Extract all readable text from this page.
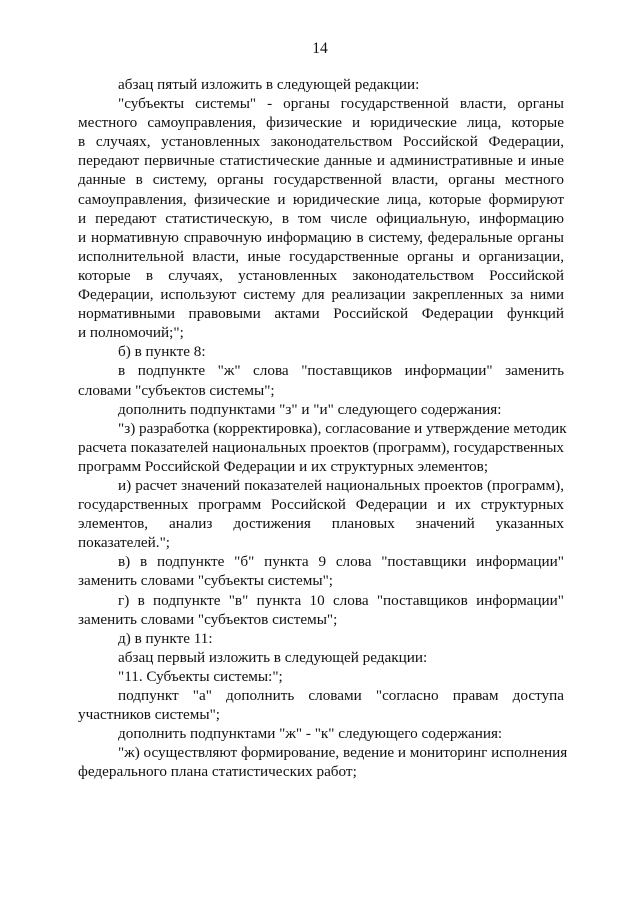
14
абзац пятый изложить в следующей редакции:
"субъекты системы" - органы государственной власти, органы
местного самоуправления, физические и юридические лица, которые
в случаях, установленных законодательством Российской Федерации,
передают первичные статистические данные и административные и иные
данные в систему, органы государственной власти, органы местного
самоуправления, физические и юридические лица, которые формируют
и передают статистическую, в том числе официальную, информацию
и нормативную справочную информацию в систему, федеральные органы
исполнительной власти, иные государственные органы и организации,
которые в случаях, установленных законодательством Российской
Федерации, используют систему для реализации закрепленных за ними
нормативными правовыми актами Российской Федерации функций
и полномочий;";
б) в пункте 8:
в подпункте "ж" слова "поставщиков информации" заменить
словами "субъектов системы";
дополнить подпунктами "з" и "и" следующего содержания:
"з) разработка (корректировка), согласование и утверждение методик
расчета показателей национальных проектов (программ), государственных
программ Российской Федерации и их структурных элементов;
и) расчет значений показателей национальных проектов (программ),
государственных программ Российской Федерации и их структурных
элементов, анализ достижения плановых значений указанных
показателей.";
в) в подпункте "б" пункта 9 слова "поставщики информации"
заменить словами "субъекты системы";
г) в подпункте "в" пункта 10 слова "поставщиков информации"
заменить словами "субъектов системы";
д) в пункте 11:
абзац первый изложить в следующей редакции:
"11. Субъекты системы:";
подпункт "а" дополнить словами "согласно правам доступа
участников системы";
дополнить подпунктами "ж" - "к" следующего содержания:
"ж) осуществляют формирование, ведение и мониторинг исполнения
федерального плана статистических работ;
